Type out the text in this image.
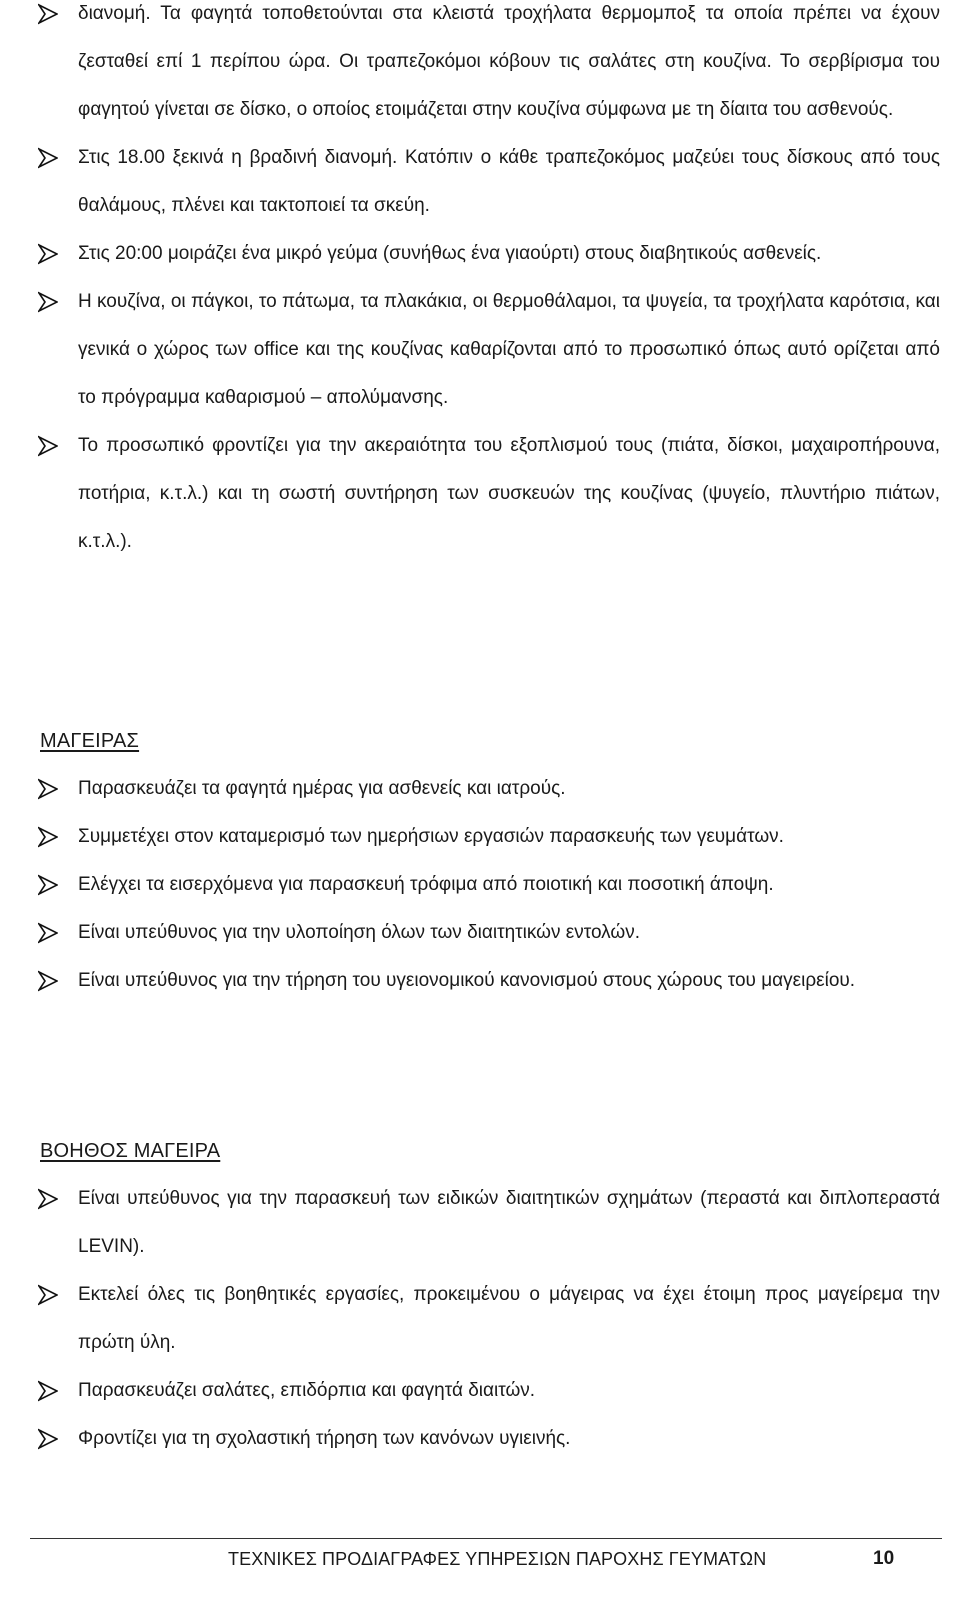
διανομή. Τα φαγητά τοποθετούνται στα κλειστά τροχήλατα θερμομποξ τα οποία πρέπει να έχουν ζεσταθεί επί 1 περίπου ώρα. Οι τραπεζοκόμοι κόβουν τις σαλάτες στη κουζίνα. Το σερβίρισμα του φαγητού γίνεται σε δίσκο, ο οποίος ετοιμάζεται στην κουζίνα σύμφωνα με τη δίαιτα του ασθενούς.
Στις 18.00 ξεκινά η βραδινή διανομή. Κατόπιν ο κάθε τραπεζοκόμος μαζεύει τους δίσκους από τους θαλάμους, πλένει και τακτοποιεί τα σκεύη.
Στις 20:00 μοιράζει ένα μικρό γεύμα (συνήθως ένα γιαούρτι) στους διαβητικούς ασθενείς.
Η κουζίνα, οι πάγκοι, το πάτωμα, τα πλακάκια, οι θερμοθάλαμοι, τα ψυγεία, τα τροχήλατα καρότσια, και γενικά ο χώρος των office και της κουζίνας καθαρίζονται από το προσωπικό όπως αυτό ορίζεται από το πρόγραμμα καθαρισμού – απολύμανσης.
Το προσωπικό φροντίζει για την ακεραιότητα του εξοπλισμού τους (πιάτα, δίσκοι, μαχαιροπήρουνα, ποτήρια, κ.τ.λ.) και τη σωστή συντήρηση των συσκευών της κουζίνας (ψυγείο, πλυντήριο πιάτων, κ.τ.λ.).
ΜΑΓΕΙΡΑΣ
Παρασκευάζει τα φαγητά ημέρας για ασθενείς και ιατρούς.
Συμμετέχει στον καταμερισμό των ημερήσιων εργασιών παρασκευής των γευμάτων.
Ελέγχει τα εισερχόμενα για παρασκευή τρόφιμα από ποιοτική και ποσοτική άποψη.
Είναι υπεύθυνος για την υλοποίηση όλων των διαιτητικών εντολών.
Είναι υπεύθυνος για την τήρηση του υγειονομικού κανονισμού στους χώρους του μαγειρείου.
ΒΟΗΘΟΣ ΜΑΓΕΙΡΑ
Είναι υπεύθυνος για την παρασκευή των ειδικών διαιτητικών σχημάτων (περαστά και διπλοπεραστά LEVIN).
Εκτελεί όλες τις βοηθητικές εργασίες, προκειμένου ο μάγειρας να έχει έτοιμη προς μαγείρεμα την πρώτη ύλη.
Παρασκευάζει σαλάτες, επιδόρπια και φαγητά διαιτών.
Φροντίζει για τη σχολαστική τήρηση των κανόνων υγιεινής.
ΤΕΧΝΙΚΕΣ ΠΡΟΔΙΑΓΡΑΦΕΣ ΥΠΗΡΕΣΙΩΝ ΠΑΡΟΧΗΣ ΓΕΥΜΑΤΩΝ	10
